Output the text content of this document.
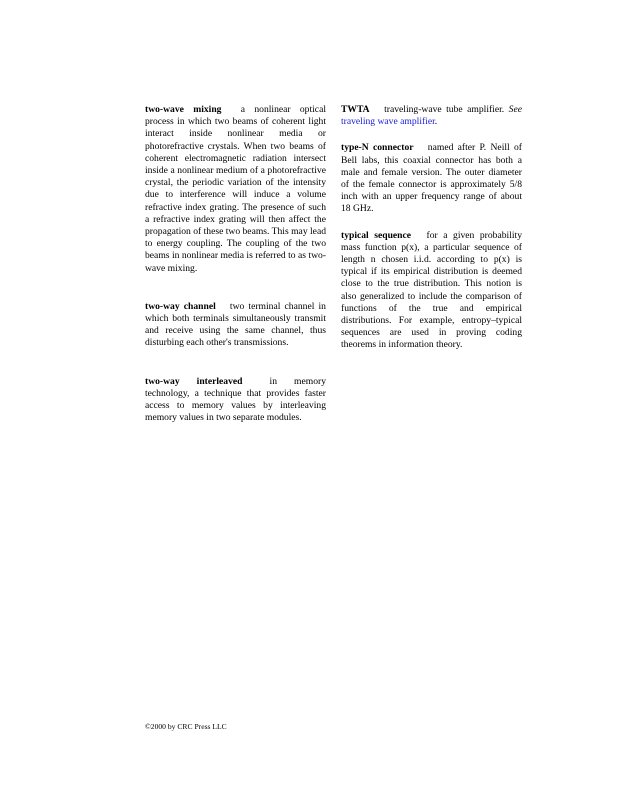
two-wave mixing a nonlinear optical process in which two beams of coherent light interact inside nonlinear media or photorefractive crystals. When two beams of coherent electromagnetic radiation intersect inside a nonlinear medium of a photorefractive crystal, the periodic variation of the intensity due to interference will induce a volume refractive index grating. The presence of such a refractive index grating will then affect the propagation of these two beams. This may lead to energy coupling. The coupling of the two beams in nonlinear media is referred to as two-wave mixing.

two-way channel two terminal channel in which both terminals simultaneously transmit and receive using the same channel, thus disturbing each other's transmissions.

two-way interleaved	in memory technology, a technique that provides faster access to memory values by interleaving memory values in two separate modules.

TWTA traveling-wave tube amplifier. See traveling wave amplifier.

type-N connector named after P. Neill of Bell labs, this coaxial connector has both a male and female version. The outer diameter of the female connector is approximately 5/8 inch with an upper frequency range of about 18 GHz.

typical sequence for a given probability mass function p(x), a particular sequence of length n chosen i.i.d. according to p(x) is typical if its empirical distribution is deemed close to the true distribution. This notion is also generalized to include the comparison of functions of the true and empirical distributions. For example, entropy–typical sequences are used in proving coding theorems in information theory.

©2000 by CRC Press LLC
